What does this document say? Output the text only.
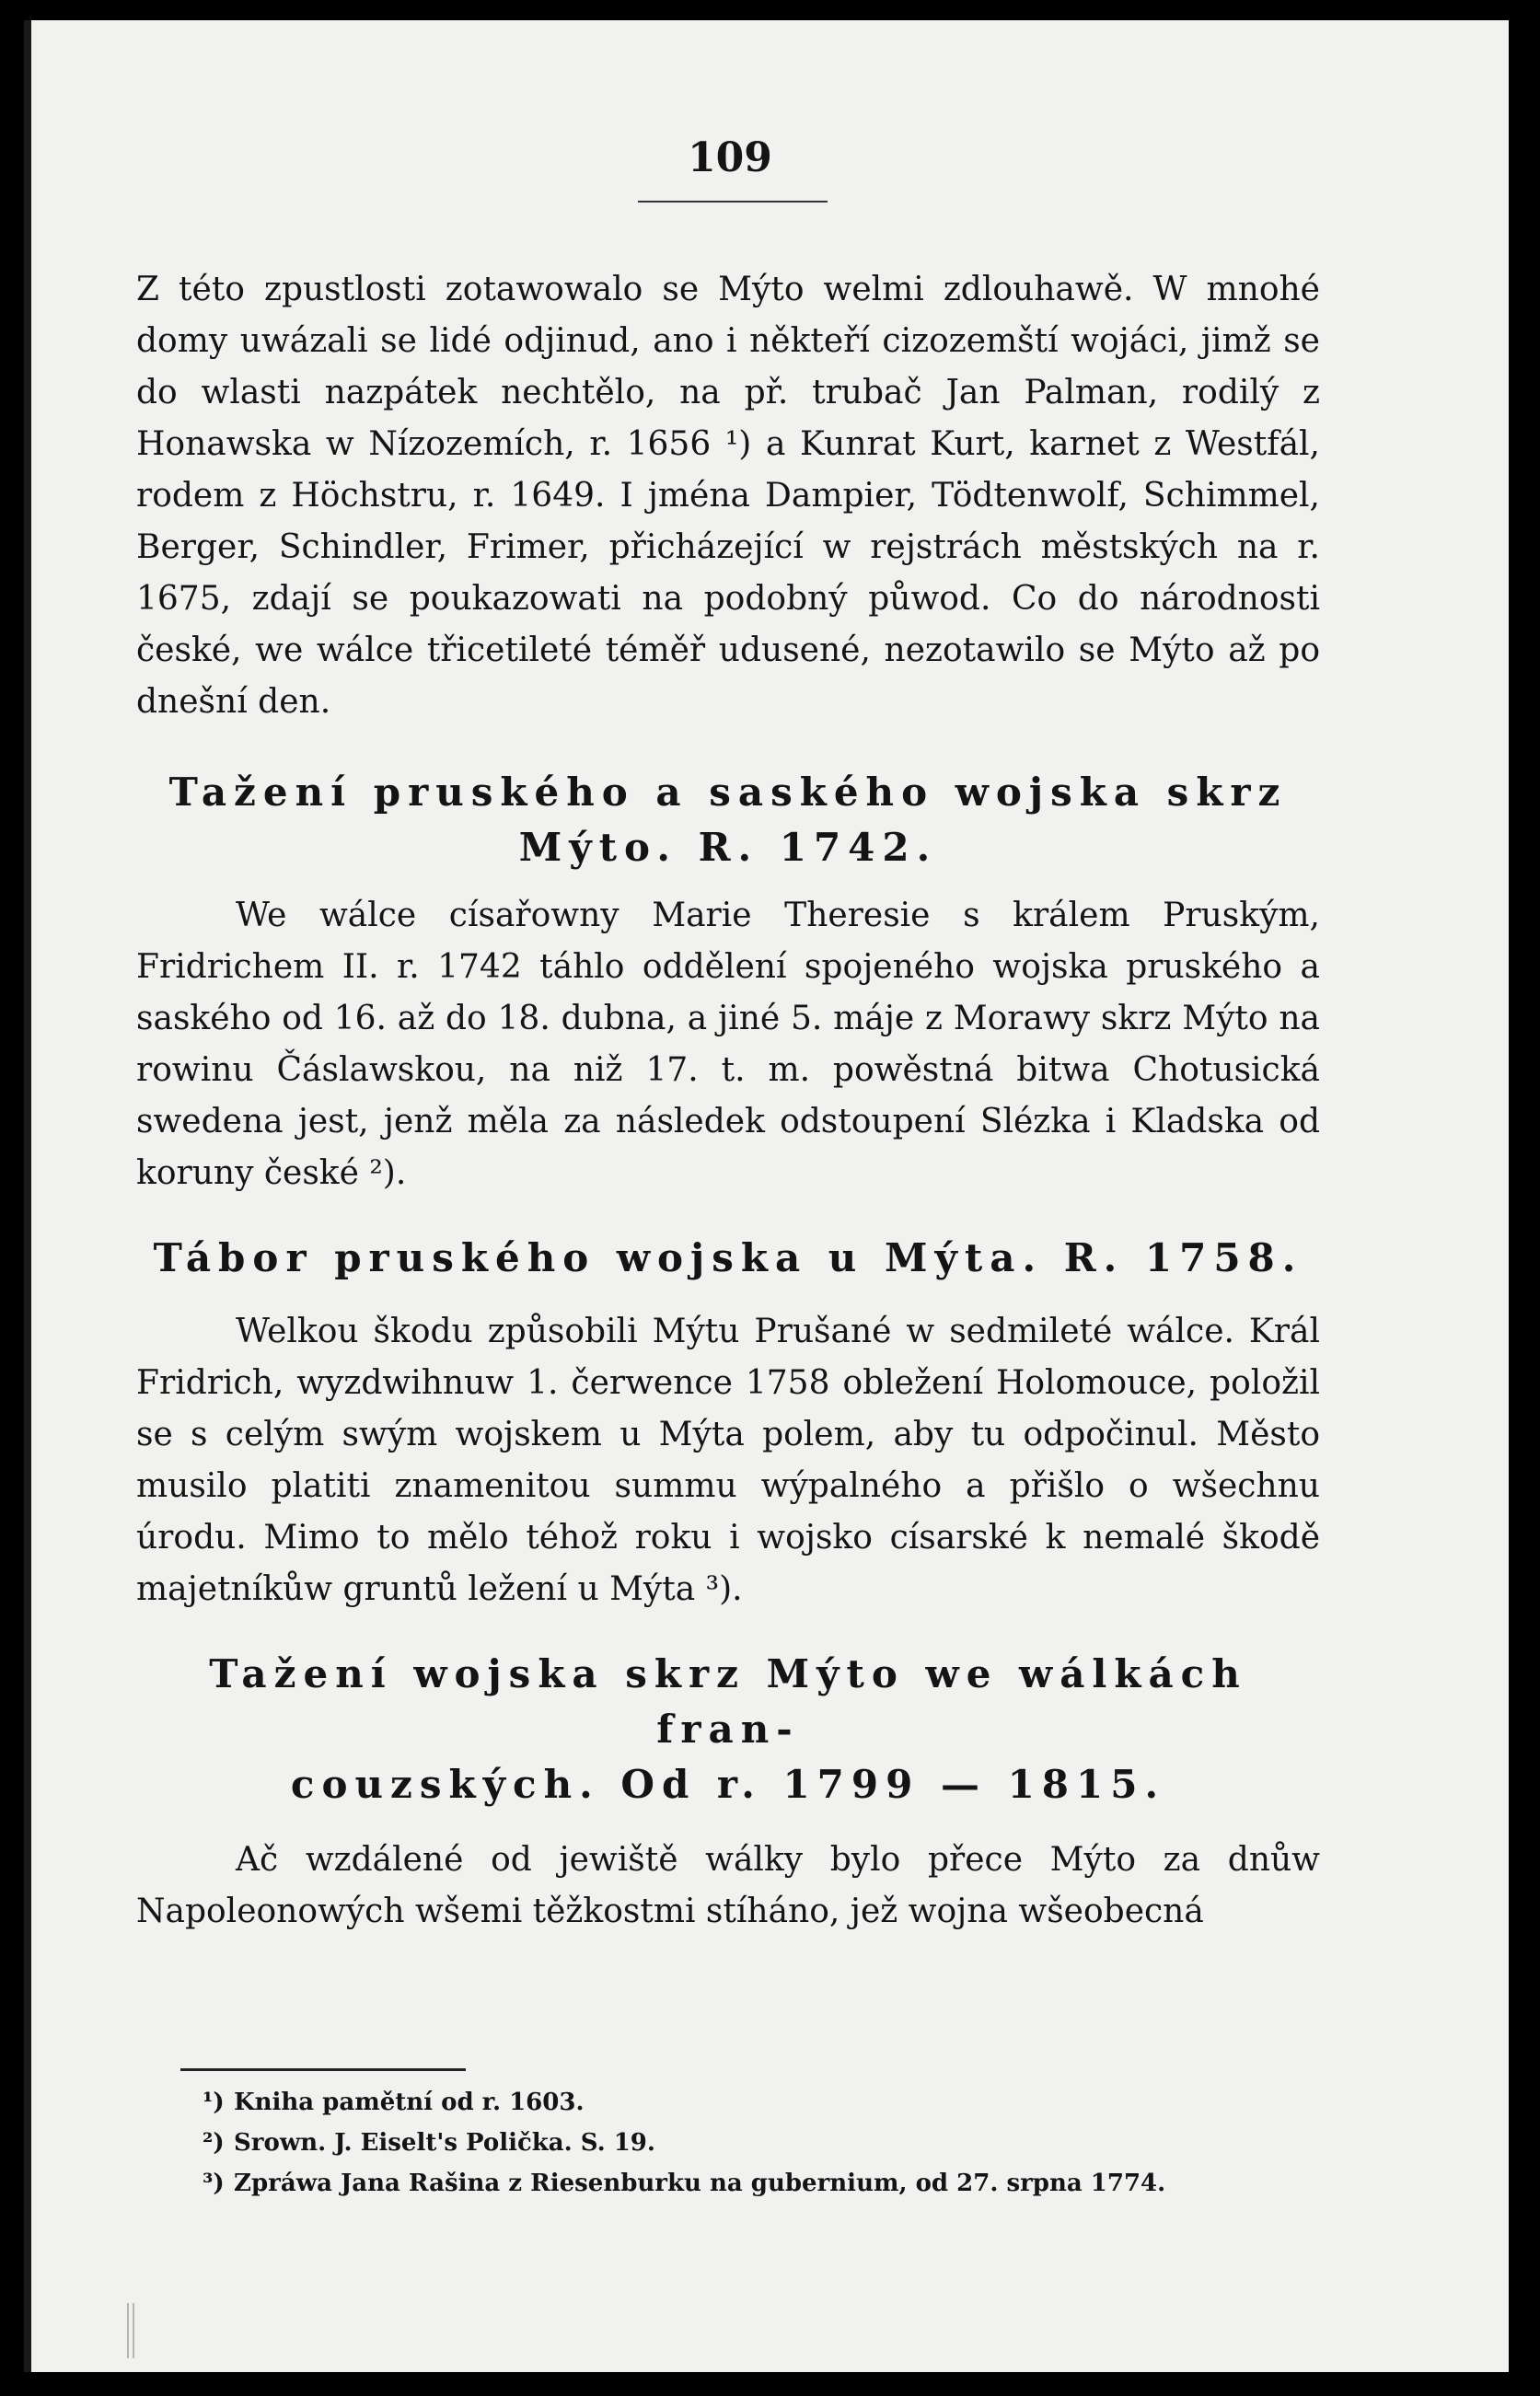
109

Z této zpustlosti zotawowalo se Mýto welmi zdlouhawě. W mnohé domy uwázali se lidé odjinud, ano i někteří cizozemští wojáci, jimž se do wlasti nazpátek nechtělo, na př. trubač Jan Palman, rodilý z Honawska w Nízozemích, r. 1656 ¹) a Kunrat Kurt, karnet z Westfál, rodem z Höchstru, r. 1649. I jména Dampier, Tödtenwolf, Schimmel, Berger, Schindler, Frimer, přicházející w rejstrách městských na r. 1675, zdají se poukazowati na podobný půwod. Co do národnosti české, we wálce třicetileté téměř udusené, nezotawilo se Mýto až po dnešní den.

Tažení pruského a saského wojska skrz
Mýto. R. 1742.

We wálce císařowny Marie Theresie s králem Pruským, Fridrichem II. r. 1742 táhlo oddělení spojeného wojska pruského a saského od 16. až do 18. dubna, a jiné 5. máje z Morawy skrz Mýto na rowinu Čáslawskou, na niž 17. t. m. powěstná bitwa Chotusická swedena jest, jenž měla za následek odstoupení Slézka i Kladska od koruny české ²).

Tábor pruského wojska u Mýta. R. 1758.

Welkou škodu způsobili Mýtu Prušané w sedmileté wálce. Král Fridrich, wyzdwihnuw 1. čerwence 1758 obležení Holomouce, položil se s celým swým wojskem u Mýta polem, aby tu odpočinul. Město musilo platiti znamenitou summu wýpalného a přišlo o wšechnu úrodu. Mimo to mělo téhož roku i wojsko císarské k nemalé škodě majetníkůw gruntů ležení u Mýta ³).

Tažení wojska skrz Mýto we wálkách fran-
couzských. Od r. 1799 — 1815.

Ač wzdálené od jewiště wálky bylo přece Mýto za dnůw Napoleonowých wšemi těžkostmi stíháno, jež wojna wšeobecná

¹) Kniha pamětní od r. 1603.

²) Srown. J. Eiselt's Polička. S. 19.

³) Zpráwa Jana Rašina z Riesenburku na gubernium, od 27. srpna 1774.
